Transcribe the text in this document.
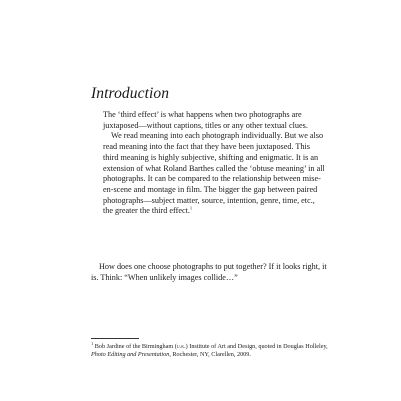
Introduction

The ‘third effect’ is what happens when two photographs are juxtaposed—without captions, titles or any other textual clues.

We read meaning into each photograph individually. But we also read meaning into the fact that they have been juxtaposed. This third meaning is highly subjective, shifting and enigmatic. It is an extension of what Roland Barthes called the ‘obtuse meaning’ in all photographs. It can be compared to the relationship between mise-en-scene and montage in film. The bigger the gap between paired photographs—subject matter, source, intention, genre, time, etc., the greater the third effect.$^1$

How does one choose photographs to put together? If it looks right, it is. Think: “When unlikely images collide…”

$^1$ Bob Jardine of the Birmingham (u.k.) Institute of Art and Design, quoted in Douglas Holleley, Photo Editing and Presentation, Rochester, NY, Clarellen, 2009.
